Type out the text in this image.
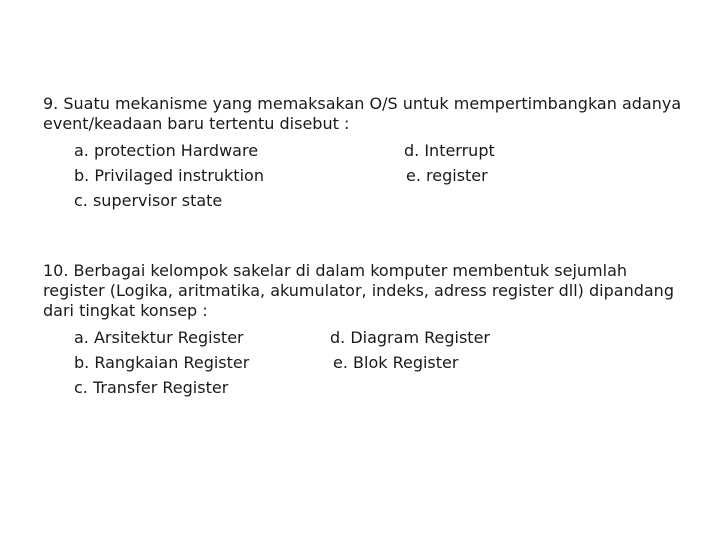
9. Suatu mekanisme yang memaksakan O/S untuk mempertimbangkan adanya event/keadaan baru tertentu disebut :

a. protection Hardware	d. Interrupt
b. Privilaged instruktion	e. register
c. supervisor state

10. Berbagai kelompok sakelar di dalam komputer membentuk sejumlah register (Logika, aritmatika, akumulator, indeks, adress register dll) dipandang dari tingkat konsep :

a. Arsitektur Register	d. Diagram Register
b. Rangkaian Register	e. Blok Register
c. Transfer Register
